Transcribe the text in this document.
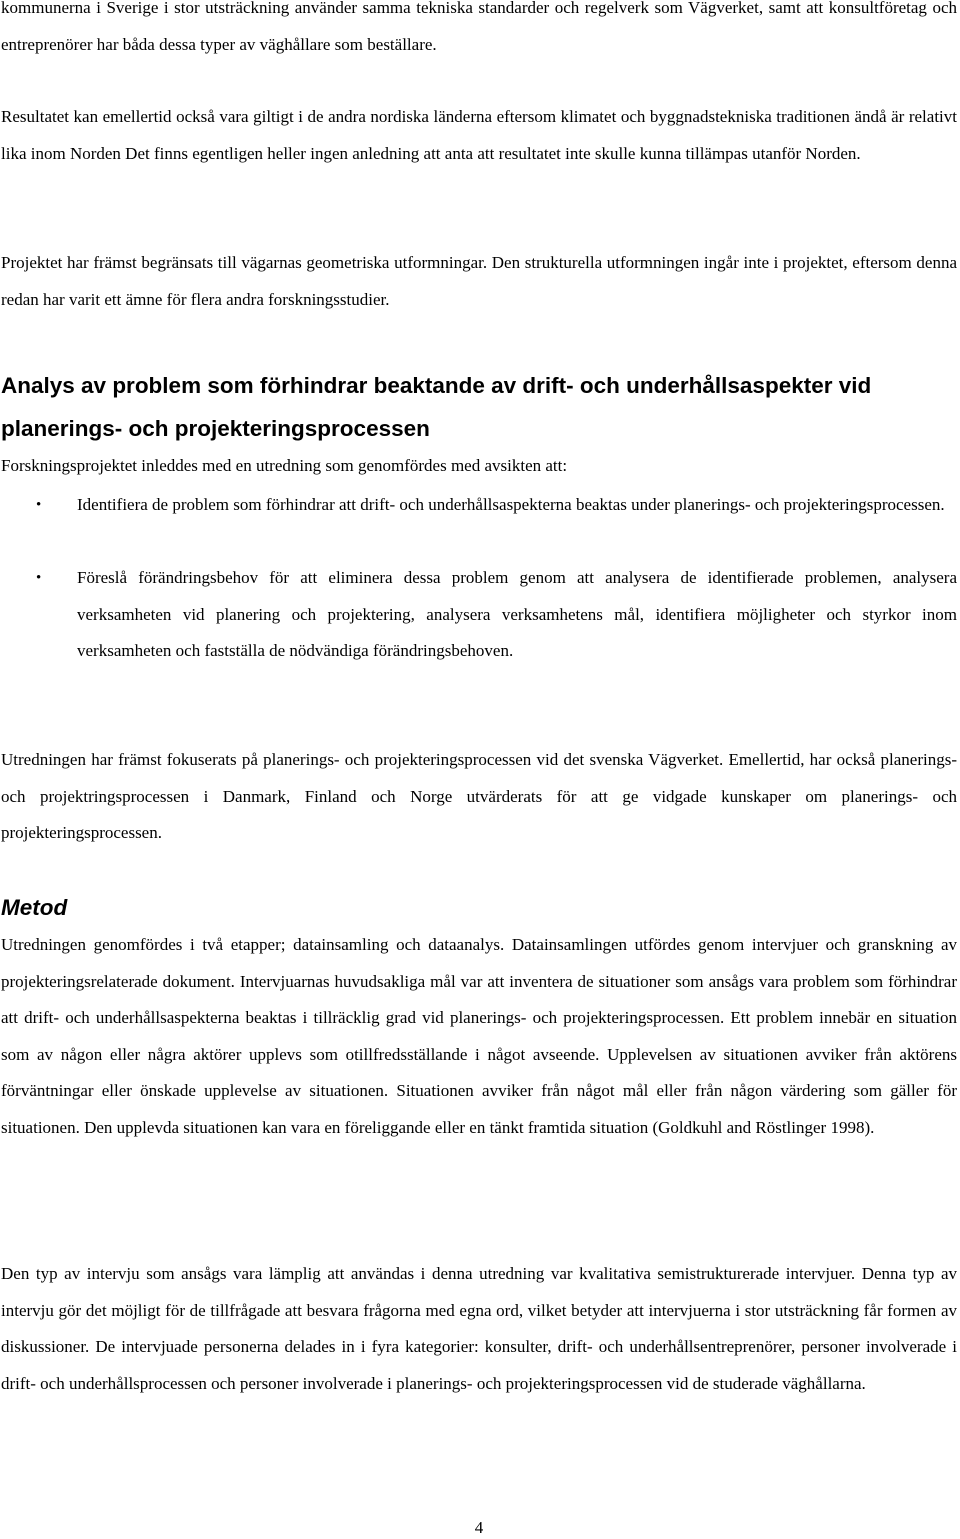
kommunerna i Sverige i stor utsträckning använder samma tekniska standarder och regelverk som Vägverket, samt att konsultföretag och entreprenörer har båda dessa typer av väghållare som beställare.

Resultatet kan emellertid också vara giltigt i de andra nordiska länderna eftersom klimatet och byggnadstekniska traditionen ändå är relativt lika inom Norden Det finns egentligen heller ingen anledning att anta att resultatet inte skulle kunna tillämpas utanför Norden.

Projektet har främst begränsats till vägarnas geometriska utformningar. Den strukturella utformningen ingår inte i projektet, eftersom denna redan har varit ett ämne för flera andra forskningsstudier.

Analys av problem som förhindrar beaktande av drift- och underhållsaspekter vid planerings- och projekteringsprocessen

Forskningsprojektet inleddes med en utredning som genomfördes med avsikten att:

• Identifiera de problem som förhindrar att drift- och underhållsaspekterna beaktas under planerings- och projekteringsprocessen.
• Föreslå förändringsbehov för att eliminera dessa problem genom att analysera de identifierade problemen, analysera verksamheten vid planering och projektering, analysera verksamhetens mål, identifiera möjligheter och styrkor inom verksamheten och fastställa de nödvändiga förändringsbehoven.

Utredningen har främst fokuserats på planerings- och projekteringsprocessen vid det svenska Vägverket. Emellertid, har också planerings- och projektringsprocessen i Danmark, Finland och Norge utvärderats för att ge vidgade kunskaper om planerings- och projekteringsprocessen.

Metod

Utredningen genomfördes i två etapper; datainsamling och dataanalys. Datainsamlingen utfördes genom intervjuer och granskning av projekteringsrelaterade dokument. Intervjuarnas huvudsakliga mål var att inventera de situationer som ansågs vara problem som förhindrar att drift- och underhållsaspekterna beaktas i tillräcklig grad vid planerings- och projekteringsprocessen. Ett problem innebär en situation som av någon eller några aktörer upplevs som otillfredsställande i något avseende. Upplevelsen av situationen avviker från aktörens förväntningar eller önskade upplevelse av situationen. Situationen avviker från något mål eller från någon värdering som gäller för situationen. Den upplevda situationen kan vara en föreliggande eller en tänkt framtida situation (Goldkuhl and Röstlinger 1998).

Den typ av intervju som ansågs vara lämplig att användas i denna utredning var kvalitativa semistrukturerade intervjuer. Denna typ av intervju gör det möjligt för de tillfrågade att besvara frågorna med egna ord, vilket betyder att intervjuerna i stor utsträckning får formen av diskussioner. De intervjuade personerna delades in i fyra kategorier: konsulter, drift- och underhållsentreprenörer, personer involverade i drift- och underhållsprocessen och personer involverade i planerings- och projekteringsprocessen vid de studerade väghållarna.

4
